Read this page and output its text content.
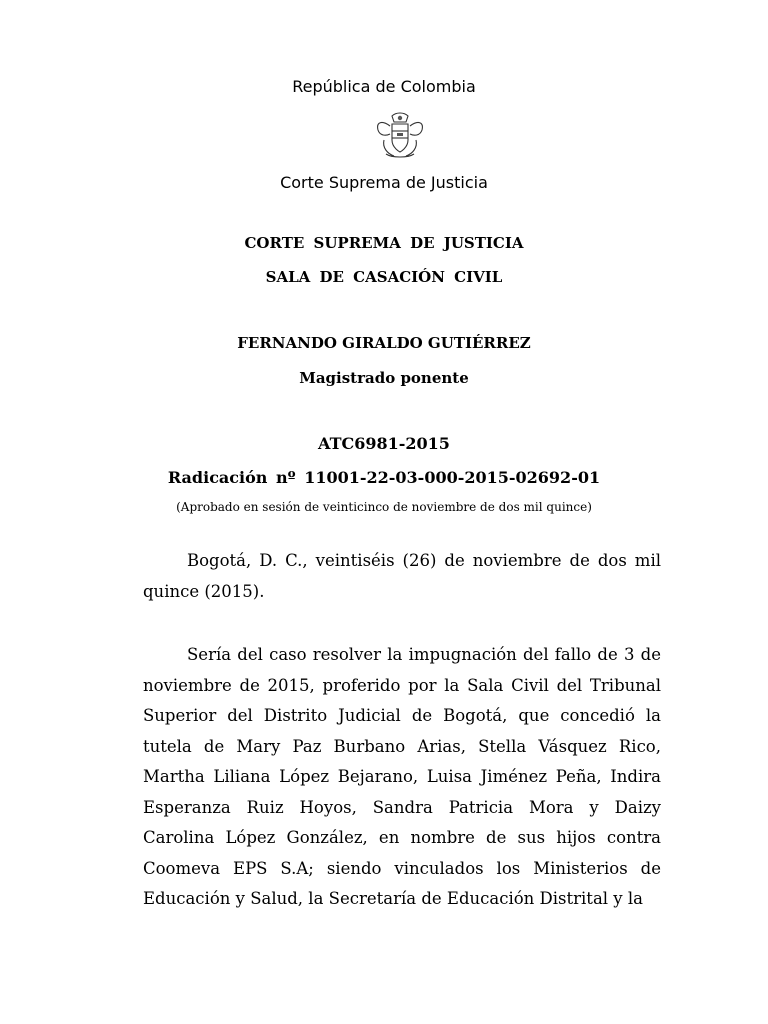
República de Colombia
Corte Suprema de Justicia
CORTE SUPREMA DE JUSTICIA
SALA DE CASACIÓN CIVIL
FERNANDO GIRALDO GUTIÉRREZ
Magistrado ponente
ATC6981-2015
Radicación nº 11001-22-03-000-2015-02692-01
(Aprobado en sesión de veinticinco de noviembre de dos mil quince)

Bogotá, D. C., veintiséis (26) de noviembre de dos mil quince (2015).

Sería del caso resolver la impugnación del fallo de 3 de noviembre de 2015, proferido por la Sala Civil del Tribunal Superior del Distrito Judicial de Bogotá, que concedió la tutela de Mary Paz Burbano Arias, Stella Vásquez Rico, Martha Liliana López Bejarano, Luisa Jiménez Peña, Indira Esperanza Ruiz Hoyos, Sandra Patricia Mora y Daizy Carolina López González, en nombre de sus hijos contra Coomeva EPS S.A; siendo vinculados los Ministerios de Educación y Salud, la Secretaría de Educación Distrital y la
